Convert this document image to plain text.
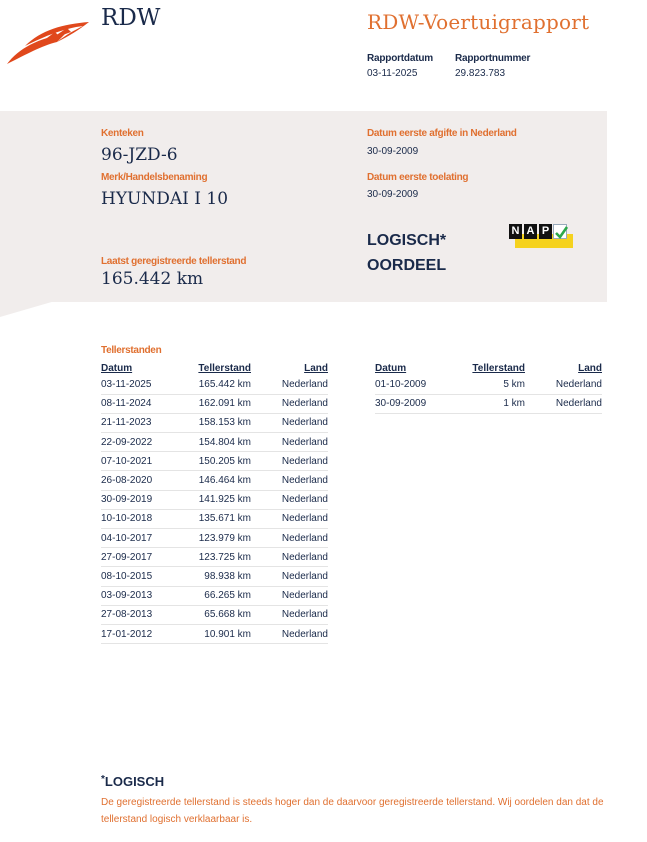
RDW	RDW-Voertuigrapport
Rapportdatum
03-11-2025
Rapportnummer
29.823.783
Kenteken
96-JZD-6
Merk/Handelsbenaming
HYUNDAI I 10
Laatst geregistreerde tellerstand
165.442 km
Datum eerste afgifte in Nederland
30-09-2009
Datum eerste toelating
30-09-2009
LOGISCH*
OORDEEL
N A P
Tellerstanden
Datum	Tellerstand	Land
03-11-2025	165.442 km	Nederland
08-11-2024	162.091 km	Nederland
21-11-2023	158.153 km	Nederland
22-09-2022	154.804 km	Nederland
07-10-2021	150.205 km	Nederland
26-08-2020	146.464 km	Nederland
30-09-2019	141.925 km	Nederland
10-10-2018	135.671 km	Nederland
04-10-2017	123.979 km	Nederland
27-09-2017	123.725 km	Nederland
08-10-2015	98.938 km	Nederland
03-09-2013	66.265 km	Nederland
27-08-2013	65.668 km	Nederland
17-01-2012	10.901 km	Nederland
Datum	Tellerstand	Land
01-10-2009	5 km	Nederland
30-09-2009	1 km	Nederland
*LOGISCH
De geregistreerde tellerstand is steeds hoger dan de daarvoor geregistreerde tellerstand. Wij oordelen dan dat de tellerstand logisch verklaarbaar is.
